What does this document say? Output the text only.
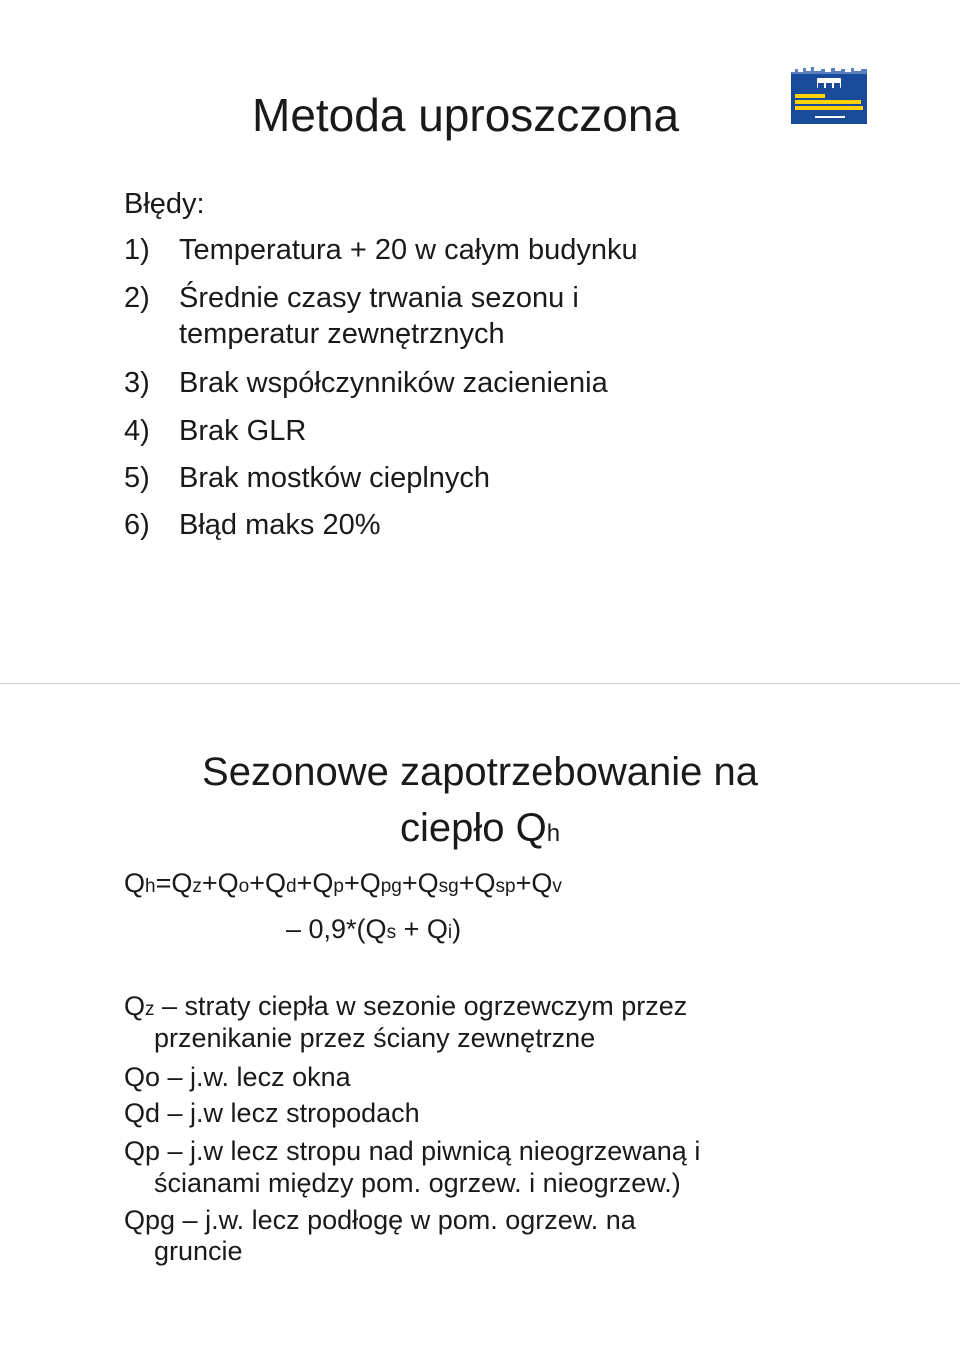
Metoda uproszczona
Błędy:
1) Temperatura + 20 w całym budynku
2) Średnie czasy trwania sezonu i
temperatur zewnętrznych
3) Brak współczynników zacienienia
4) Brak GLR
5) Brak mostków cieplnych
6) Błąd maks 20%
Sezonowe zapotrzebowanie na
ciepło Qh
Qh=Qz+Qo+Qd+Qp+Qpg+Qsg+Qsp+Qv
– 0,9*(Qs + Qi)
Qz – straty ciepła w sezonie ogrzewczym przez
przenikanie przez ściany zewnętrzne
Qo – j.w. lecz okna
Qd – j.w lecz stropodach
Qp – j.w lecz stropu nad piwnicą nieogrzewaną i
ścianami między pom. ogrzew. i nieogrzew.)
Qpg – j.w. lecz podłogę w pom. ogrzew. na
gruncie
